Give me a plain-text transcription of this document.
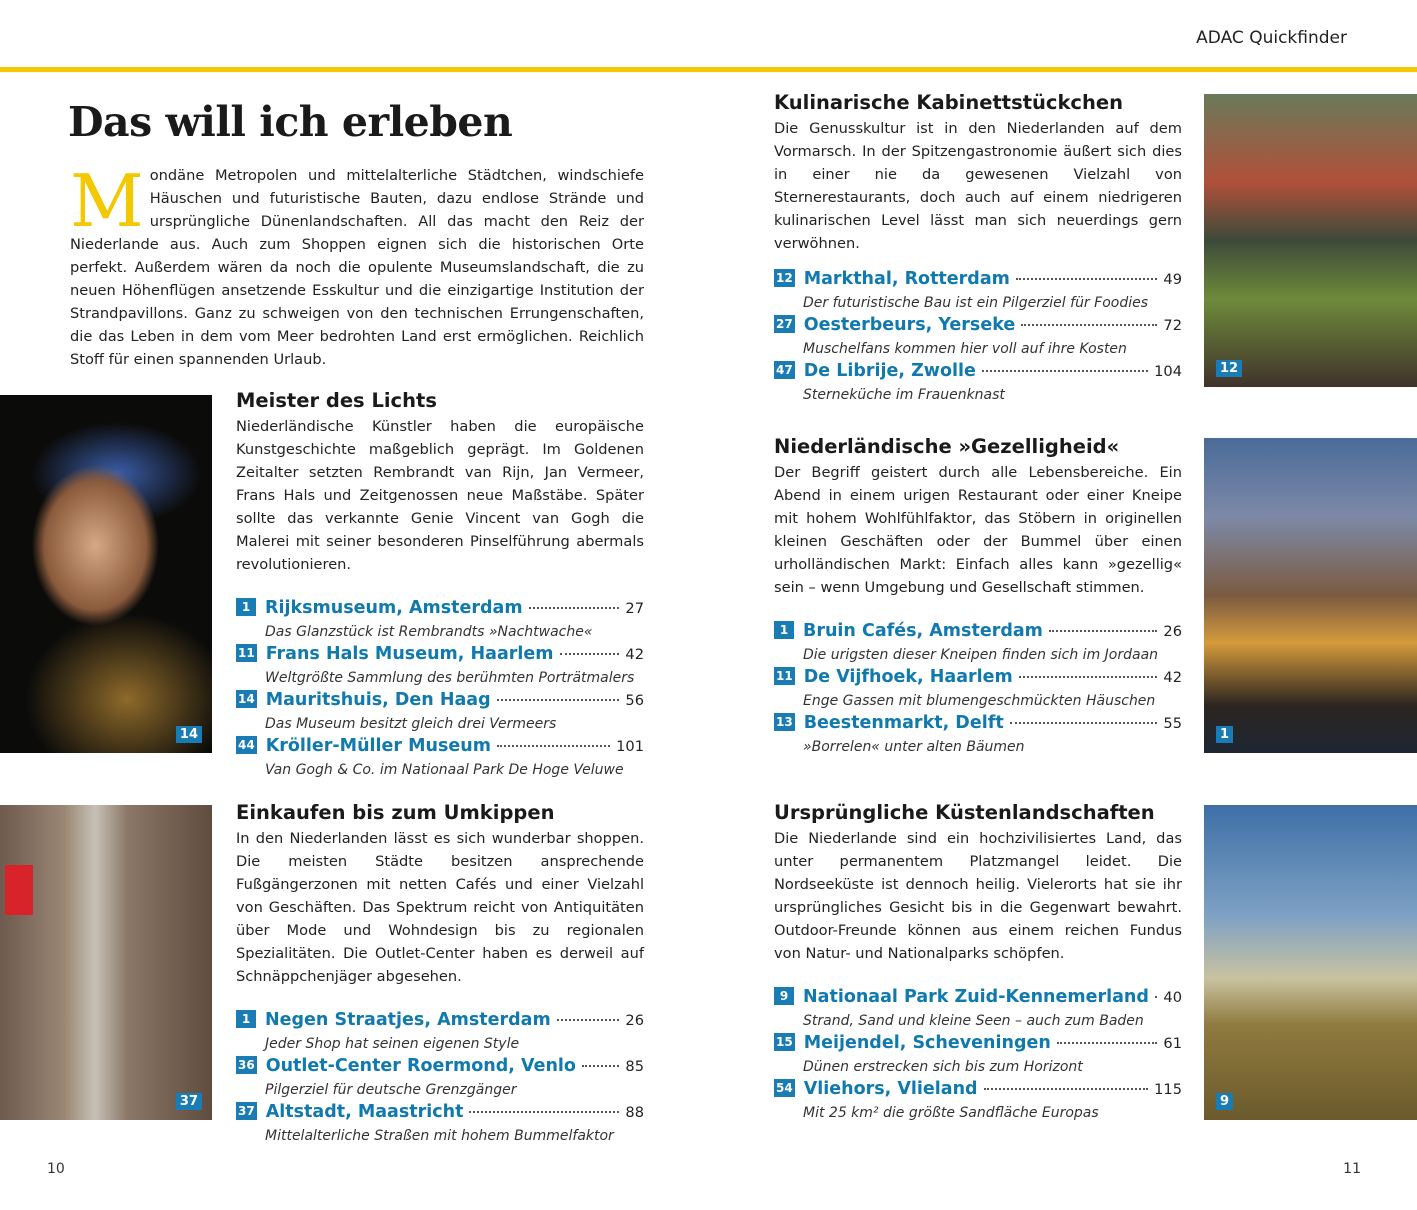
ADAC Quickfinder
Das will ich erleben
Mondäne Metropolen und mittelalterliche Städtchen, windschiefe Häuschen und futuristische Bauten, dazu endlose Strände und ursprüngliche Dünenlandschaften. All das macht den Reiz der Niederlande aus. Auch zum Shoppen eignen sich die historischen Orte perfekt. Außerdem wären da noch die opulente Museumslandschaft, die zu neuen Höhenflügen ansetzende Esskultur und die einzigartige Institution der Strandpavillons. Ganz zu schweigen von den technischen Errungenschaften, die das Leben in dem vom Meer bedrohten Land erst ermöglichen. Reichlich Stoff für einen spannenden Urlaub.
14
37
12
1
9
Meister des Lichts

Niederländische Künstler haben die europäische Kunstgeschichte maßgeblich geprägt. Im Goldenen Zeitalter setzten Rembrandt van Rijn, Jan Vermeer, Frans Hals und Zeitgenossen neue Maßstäbe. Später sollte das verkannte Genie Vincent van Gogh die Malerei mit seiner besonderen Pinselführung abermals revolutionieren.

1 Rijksmuseum, Amsterdam	27
Das Glanzstück ist Rembrandts »Nachtwache«
11 Frans Hals Museum, Haarlem	42
Weltgrößte Sammlung des berühmten Porträtmalers
14 Mauritshuis, Den Haag	56
Das Museum besitzt gleich drei Vermeers
44 Kröller-Müller Museum	101
Van Gogh & Co. im Nationaal Park De Hoge Veluwe
Einkaufen bis zum Umkippen

In den Niederlanden lässt es sich wunderbar shoppen. Die meisten Städte besitzen ansprechende Fußgängerzonen mit netten Cafés und einer Vielzahl von Geschäften. Das Spektrum reicht von Antiquitäten über Mode und Wohndesign bis zu regionalen Spezialitäten. Die Outlet-Center haben es derweil auf Schnäppchenjäger abgesehen.

1 Negen Straatjes, Amsterdam	26
Jeder Shop hat seinen eigenen Style
36 Outlet-Center Roermond, Venlo	85
Pilgerziel für deutsche Grenzgänger
37 Altstadt, Maastricht	88
Mittelalterliche Straßen mit hohem Bummelfaktor
Kulinarische Kabinettstückchen

Die Genusskultur ist in den Niederlanden auf dem Vormarsch. In der Spitzengastronomie äußert sich dies in einer nie da gewesenen Vielzahl von Sternerestaurants, doch auch auf einem niedrigeren kulinarischen Level lässt man sich neuerdings gern verwöhnen.

12 Markthal, Rotterdam	49
Der futuristische Bau ist ein Pilgerziel für Foodies
27 Oesterbeurs, Yerseke	72
Muschelfans kommen hier voll auf ihre Kosten
47 De Librije, Zwolle	104
Sterneküche im Frauenknast
Niederländische »Gezelligheid«

Der Begriff geistert durch alle Lebensbereiche. Ein Abend in einem urigen Restaurant oder einer Kneipe mit hohem Wohlfühlfaktor, das Stöbern in originellen kleinen Geschäften oder der Bummel über einen urholländischen Markt: Einfach alles kann »gezellig« sein – wenn Umgebung und Gesellschaft stimmen.

1 Bruin Cafés, Amsterdam	26
Die urigsten dieser Kneipen finden sich im Jordaan
11 De Vijfhoek, Haarlem	42
Enge Gassen mit blumengeschmückten Häuschen
13 Beestenmarkt, Delft	55
»Borrelen« unter alten Bäumen
Ursprüngliche Küstenlandschaften

Die Niederlande sind ein hochzivilisiertes Land, das unter permanentem Platzmangel leidet. Die Nordseeküste ist dennoch heilig. Vielerorts hat sie ihr ursprüngliches Gesicht bis in die Gegenwart bewahrt. Outdoor-Freunde können aus einem reichen Fundus von Natur- und Nationalparks schöpfen.

9 Nationaal Park Zuid-Kennemerland 40
Strand, Sand und kleine Seen – auch zum Baden
15 Meijendel, Scheveningen	61
Dünen erstrecken sich bis zum Horizont
54 Vliehors, Vlieland	115
Mit 25 km² die größte Sandfläche Europas
10	11
